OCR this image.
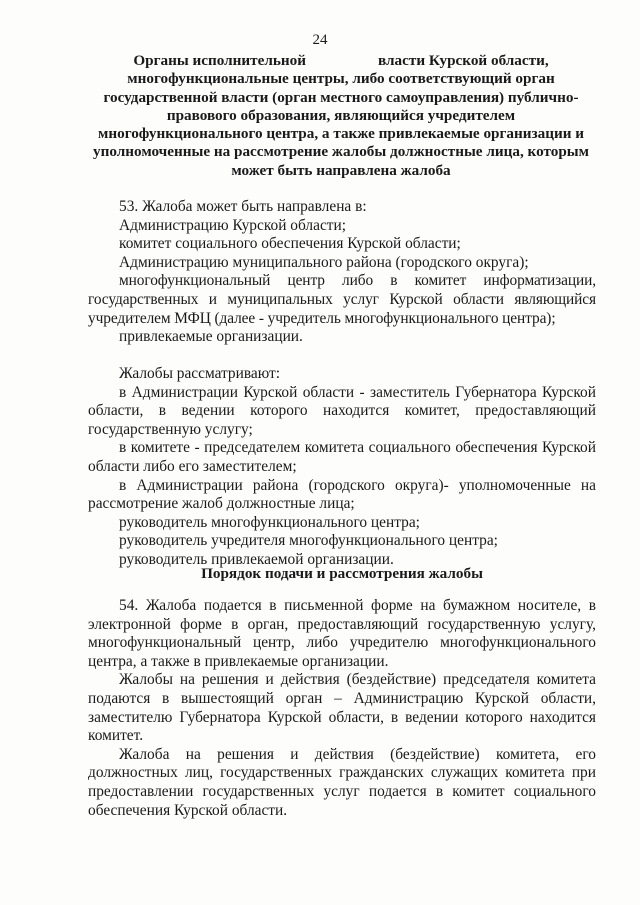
24
Органы исполнительной	власти Курской области,
многофункциональные центры, либо соответствующий орган
государственной власти (орган местного самоуправления) публично-
правового образования, являющийся учредителем
многофункционального центра, а также привлекаемые организации и
уполномоченные на рассмотрение жалобы должностные лица, которым
может быть направлена жалоба

53. Жалоба может быть направлена в:

Администрацию Курской области;

комитет социального обеспечения Курской области;

Администрацию муниципального района (городского округа);

многофункциональный центр либо в комитет информатизации, государственных и муниципальных услуг Курской области являющийся учредителем МФЦ (далее - учредитель многофункционального центра);

привлекаемые организации.

Жалобы рассматривают:

в Администрации Курской области - заместитель Губернатора Курской области, в ведении которого находится комитет, предоставляющий государственную услугу;

в комитете - председателем комитета социального обеспечения Курской области либо его заместителем;

в Администрации района (городского округа)- уполномоченные на рассмотрение жалоб должностные лица;

руководитель многофункционального центра;

руководитель учредителя многофункционального центра;

руководитель привлекаемой организации.

Порядок подачи и рассмотрения жалобы

54. Жалоба подается в письменной форме на бумажном носителе, в электронной форме в орган, предоставляющий государственную услугу, многофункциональный центр, либо учредителю многофункционального центра, а также в привлекаемые организации.

Жалобы на решения и действия (бездействие) председателя комитета подаются в вышестоящий орган – Администрацию Курской области, заместителю Губернатора Курской области, в ведении которого находится комитет.

Жалоба на решения и действия (бездействие) комитета, его должностных лиц, государственных гражданских служащих комитета при предоставлении государственных услуг подается в комитет социального обеспечения Курской области.
